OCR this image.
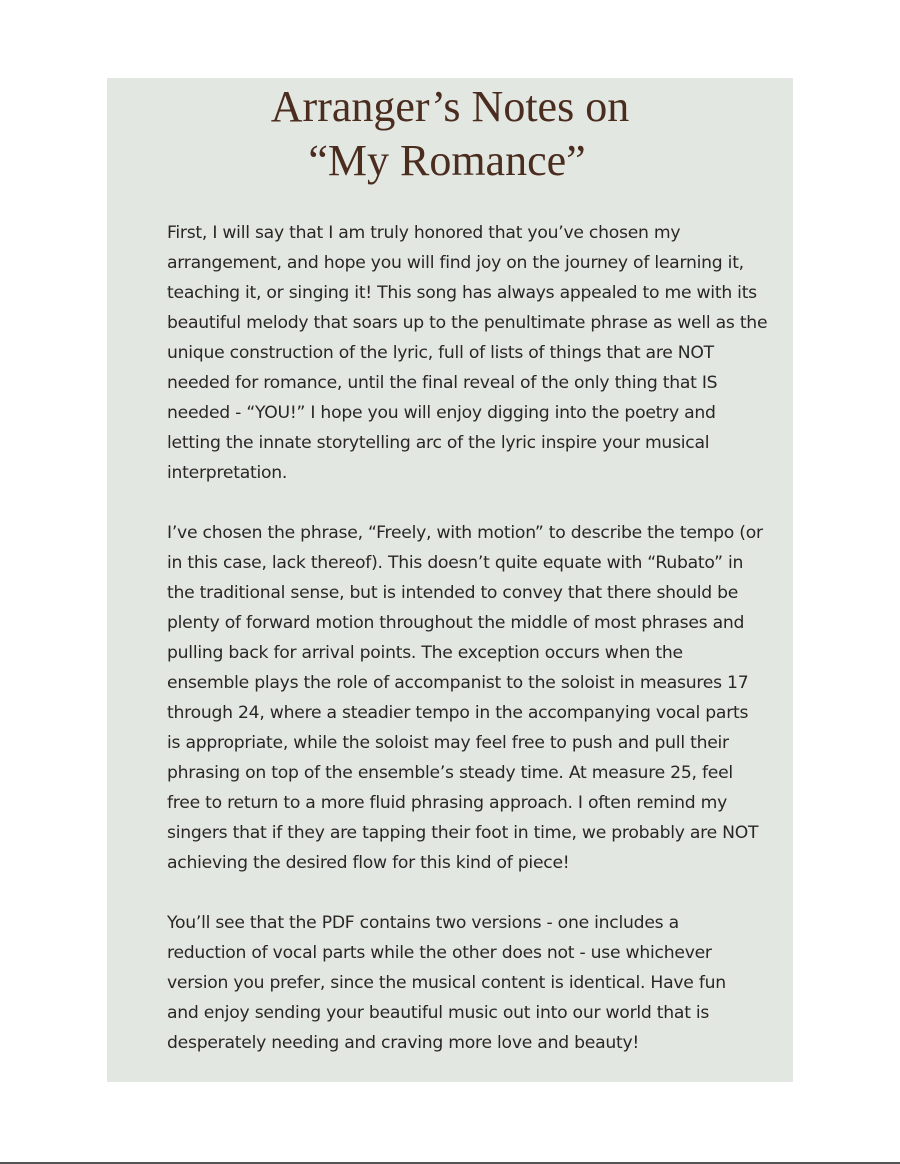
Arranger’s Notes on
“My Romance”

First, I will say that I am truly honored that you’ve chosen my
arrangement, and hope you will find joy on the journey of learning it,
teaching it, or singing it! This song has always appealed to me with its
beautiful melody that soars up to the penultimate phrase as well as the
unique construction of the lyric, full of lists of things that are NOT
needed for romance, until the final reveal of the only thing that IS
needed - “YOU!” I hope you will enjoy digging into the poetry and
letting the innate storytelling arc of the lyric inspire your musical
interpretation.

I’ve chosen the phrase, “Freely, with motion” to describe the tempo (or
in this case, lack thereof). This doesn’t quite equate with “Rubato” in
the traditional sense, but is intended to convey that there should be
plenty of forward motion throughout the middle of most phrases and
pulling back for arrival points. The exception occurs when the
ensemble plays the role of accompanist to the soloist in measures 17
through 24, where a steadier tempo in the accompanying vocal parts
is appropriate, while the soloist may feel free to push and pull their
phrasing on top of the ensemble’s steady time. At measure 25, feel
free to return to a more fluid phrasing approach. I often remind my
singers that if they are tapping their foot in time, we probably are NOT
achieving the desired flow for this kind of piece!

You’ll see that the PDF contains two versions - one includes a
reduction of vocal parts while the other does not - use whichever
version you prefer, since the musical content is identical. Have fun
and enjoy sending your beautiful music out into our world that is
desperately needing and craving more love and beauty!
